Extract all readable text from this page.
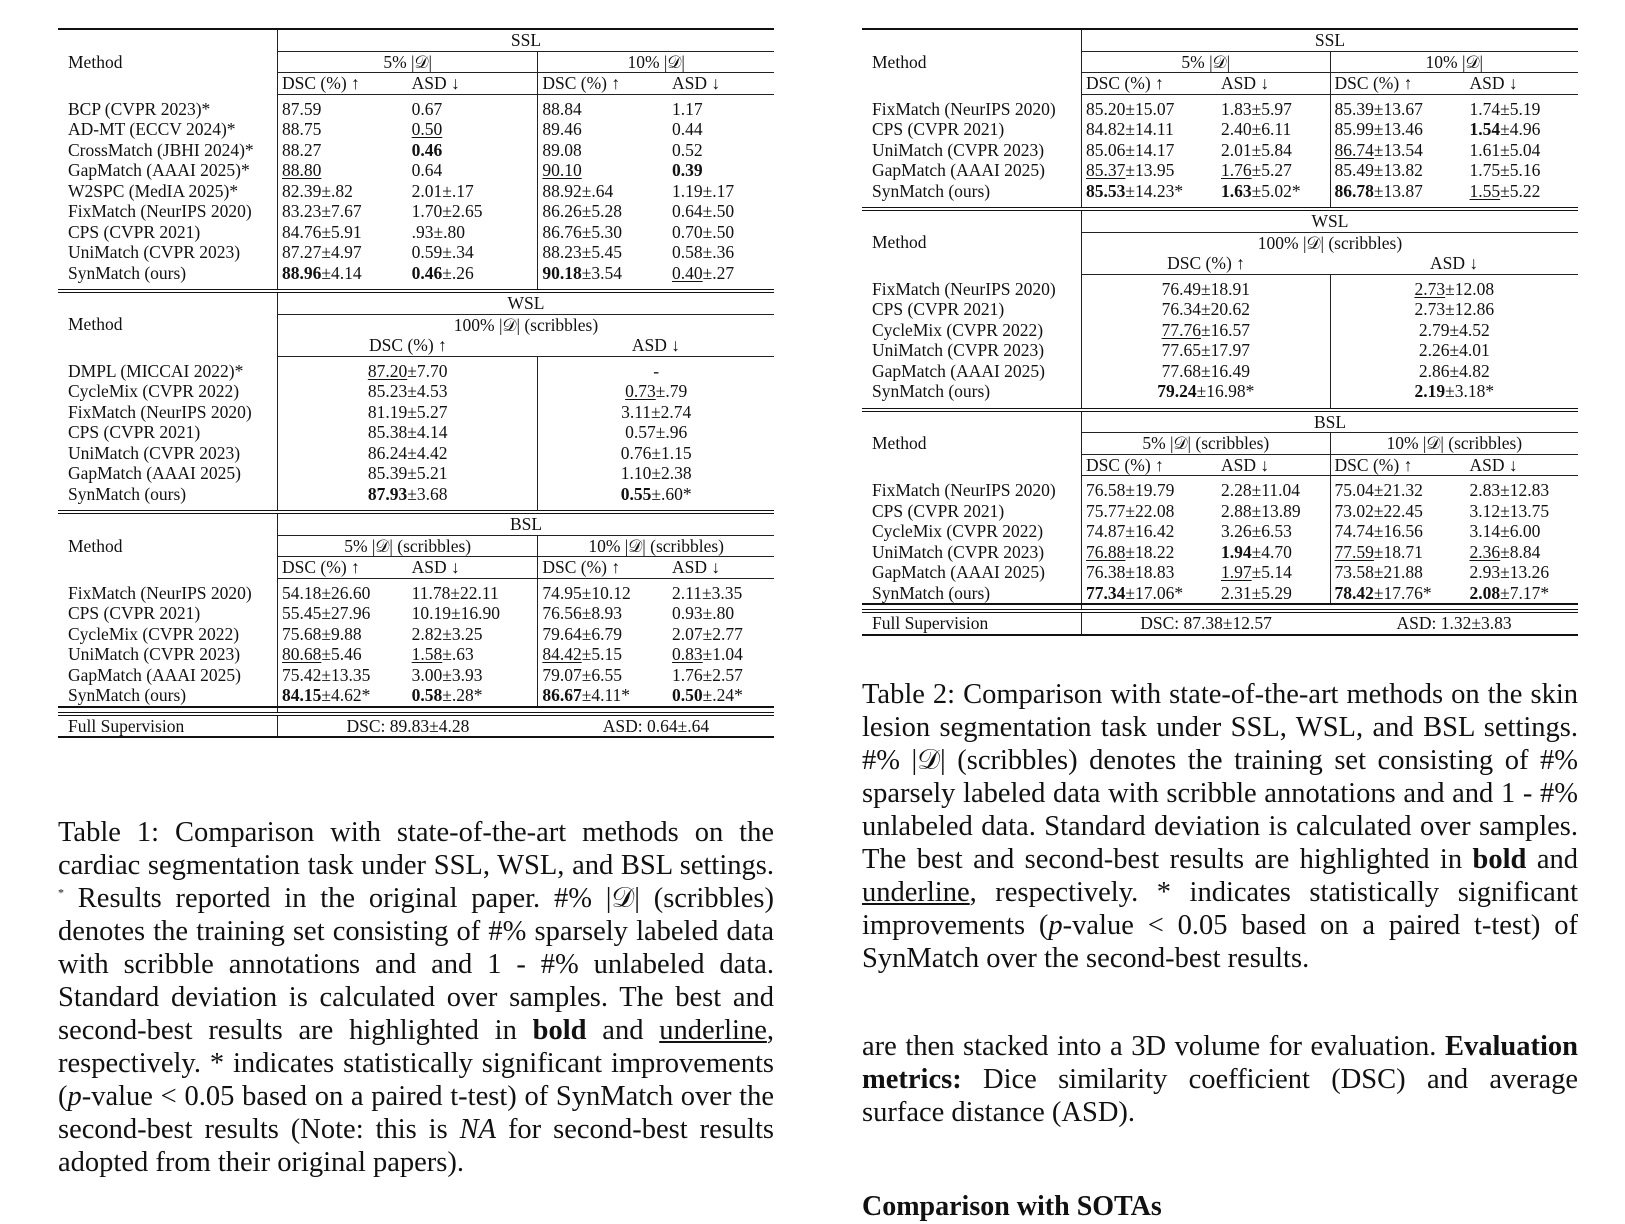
Method	SSL			
	5% |𝒟|		10% |𝒟|	
	DSC (%) ↑	ASD ↓	DSC (%) ↑	ASD ↓

BCP (CVPR 2023)*	87.59	0.67	88.84	1.17
AD-MT (ECCV 2024)*	88.75	0.50	89.46	0.44
CrossMatch (JBHI 2024)*	88.27	0.46	89.08	0.52
GapMatch (AAAI 2025)*	88.80	0.64	90.10	0.39
W2SPC (MedIA 2025)*	82.39±.82	2.01±.17	88.92±.64	1.19±.17
FixMatch (NeurIPS 2020)	83.23±7.67	1.70±2.65	86.26±5.28	0.64±.50
CPS (CVPR 2021)	84.76±5.91	.93±.80	86.76±5.30	0.70±.50
UniMatch (CVPR 2023)	87.27±4.97	0.59±.34	88.23±5.45	0.58±.36
SynMatch (ours)	88.96±4.14	0.46±.26	90.18±3.54	0.40±.27

Method	WSL			
	100% |𝒟| (scribbles)			
	DSC (%) ↑		ASD ↓	

DMPL (MICCAI 2022)*	87.20±7.70		-	
CycleMix (CVPR 2022)	85.23±4.53		0.73±.79	
FixMatch (NeurIPS 2020)	81.19±5.27		3.11±2.74	
CPS (CVPR 2021)	85.38±4.14		0.57±.96	
UniMatch (CVPR 2023)	86.24±4.42		0.76±1.15	
GapMatch (AAAI 2025)	85.39±5.21		1.10±2.38	
SynMatch (ours)	87.93±3.68		0.55±.60*	

Method	BSL			
	5% |𝒟| (scribbles)		10% |𝒟| (scribbles)	
	DSC (%) ↑	ASD ↓	DSC (%) ↑	ASD ↓

FixMatch (NeurIPS 2020)	54.18±26.60	11.78±22.11	74.95±10.12	2.11±3.35
CPS (CVPR 2021)	55.45±27.96	10.19±16.90	76.56±8.93	0.93±.80
CycleMix (CVPR 2022)	75.68±9.88	2.82±3.25	79.64±6.79	2.07±2.77
UniMatch (CVPR 2023)	80.68±5.46	1.58±.63	84.42±5.15	0.83±1.04
GapMatch (AAAI 2025)	75.42±13.35	3.00±3.93	79.07±6.55	1.76±2.57
SynMatch (ours)	84.15±4.62*	0.58±.28*	86.67±4.11*	0.50±.24*

Full Supervision	DSC: 89.83±4.28		ASD: 0.64±.64	

Table 1: Comparison with state-of-the-art methods on the cardiac segmentation task under SSL, WSL, and BSL settings. * Results reported in the original paper. #% |𝒟| (scribbles) denotes the training set consisting of #% sparsely labeled data with scribble annotations and and 1 - #% unlabeled data. Standard deviation is calculated over samples. The best and second-best results are highlighted in bold and underline, respectively. * indicates statistically significant improvements (p-value < 0.05 based on a paired t-test) of SynMatch over the second-best results (Note: this is NA for second-best results adopted from their original papers).

Method	SSL			
	5% |𝒟|		10% |𝒟|	
	DSC (%) ↑	ASD ↓	DSC (%) ↑	ASD ↓

FixMatch (NeurIPS 2020)	85.20±15.07	1.83±5.97	85.39±13.67	1.74±5.19
CPS (CVPR 2021)	84.82±14.11	2.40±6.11	85.99±13.46	1.54±4.96
UniMatch (CVPR 2023)	85.06±14.17	2.01±5.84	86.74±13.54	1.61±5.04
GapMatch (AAAI 2025)	85.37±13.95	1.76±5.27	85.49±13.82	1.75±5.16
SynMatch (ours)	85.53±14.23*	1.63±5.02*	86.78±13.87	1.55±5.22

Method	WSL			
	100% |𝒟| (scribbles)			
	DSC (%) ↑		ASD ↓	

FixMatch (NeurIPS 2020)	76.49±18.91		2.73±12.08	
CPS (CVPR 2021)	76.34±20.62		2.73±12.86	
CycleMix (CVPR 2022)	77.76±16.57		2.79±4.52	
UniMatch (CVPR 2023)	77.65±17.97		2.26±4.01	
GapMatch (AAAI 2025)	77.68±16.49		2.86±4.82	
SynMatch (ours)	79.24±16.98*		2.19±3.18*	

Method	BSL			
	5% |𝒟| (scribbles)		10% |𝒟| (scribbles)	
	DSC (%) ↑	ASD ↓	DSC (%) ↑	ASD ↓

FixMatch (NeurIPS 2020)	76.58±19.79	2.28±11.04	75.04±21.32	2.83±12.83
CPS (CVPR 2021)	75.77±22.08	2.88±13.89	73.02±22.45	3.12±13.75
CycleMix (CVPR 2022)	74.87±16.42	3.26±6.53	74.74±16.56	3.14±6.00
UniMatch (CVPR 2023)	76.88±18.22	1.94±4.70	77.59±18.71	2.36±8.84
GapMatch (AAAI 2025)	76.38±18.83	1.97±5.14	73.58±21.88	2.93±13.26
SynMatch (ours)	77.34±17.06*	2.31±5.29	78.42±17.76*	2.08±7.17*

Full Supervision	DSC: 87.38±12.57		ASD: 1.32±3.83	

Table 2: Comparison with state-of-the-art methods on the skin lesion segmentation task under SSL, WSL, and BSL settings. #% |𝒟| (scribbles) denotes the training set consisting of #% sparsely labeled data with scribble annotations and and 1 - #% unlabeled data. Standard deviation is calculated over samples. The best and second-best results are highlighted in bold and underline, respectively. * indicates statistically significant improvements (p-value < 0.05 based on a paired t-test) of SynMatch over the second-best results.

are then stacked into a 3D volume for evaluation. Evaluation metrics: Dice similarity coefficient (DSC) and average surface distance (ASD).

Comparison with SOTAs
